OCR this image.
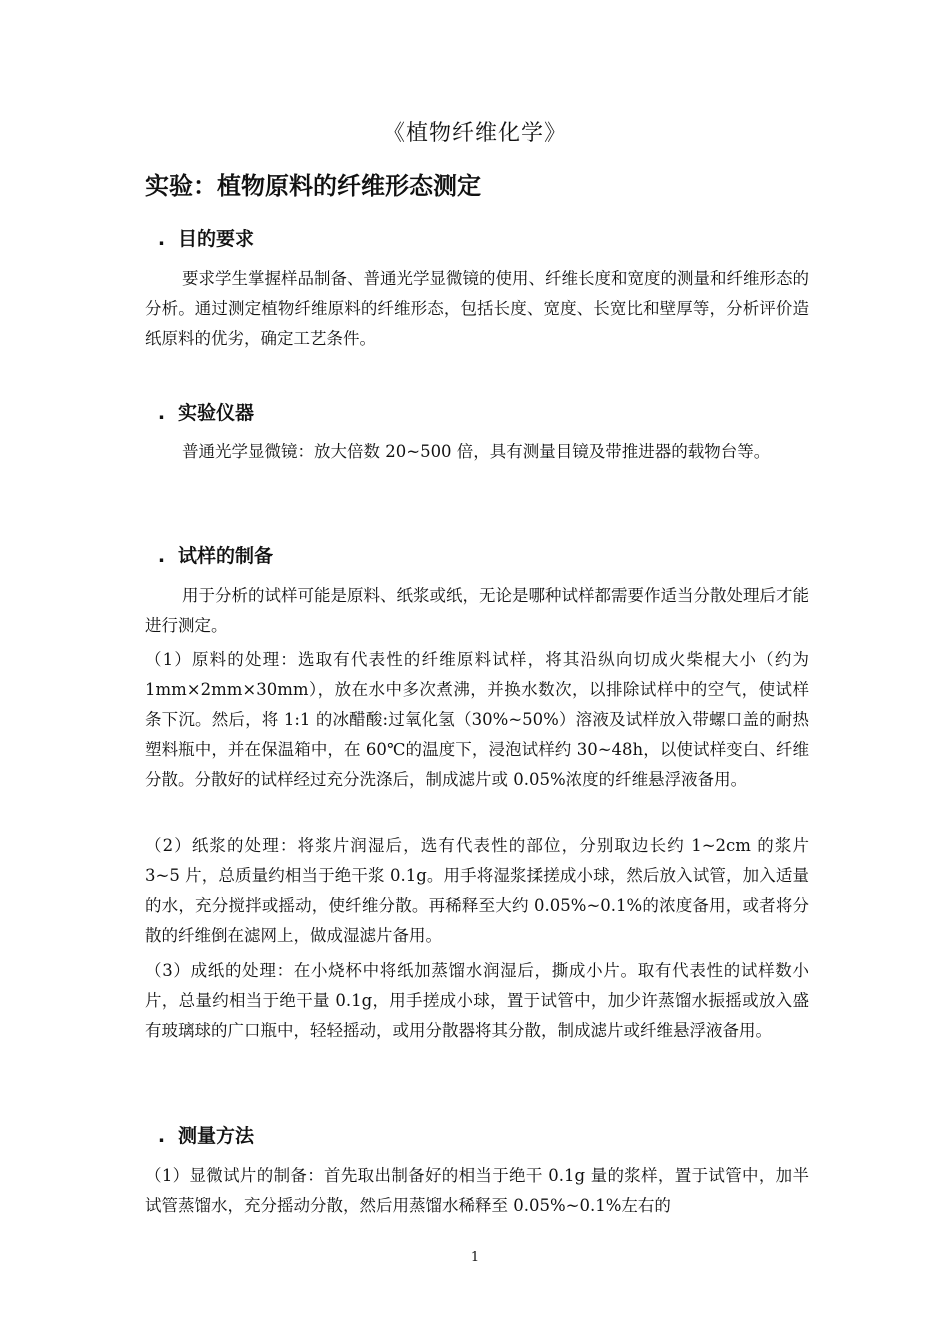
《植物纤维化学》
实验：植物原料的纤维形态测定
. 目的要求

要求学生掌握样品制备、普通光学显微镜的使用、纤维长度和宽度的测量和纤维形态的分析。通过测定植物纤维原料的纤维形态，包括长度、宽度、长宽比和壁厚等，分析评价造纸原料的优劣，确定工艺条件。

. 实验仪器

普通光学显微镜：放大倍数 20~500 倍，具有测量目镜及带推进器的载物台等。

. 试样的制备

用于分析的试样可能是原料、纸浆或纸，无论是哪种试样都需要作适当分散处理后才能进行测定。

（1）原料的处理：选取有代表性的纤维原料试样，将其沿纵向切成火柴棍大小（约为 1mm×2mm×30mm），放在水中多次煮沸，并换水数次，以排除试样中的空气，使试样条下沉。然后，将 1:1 的冰醋酸:过氧化氢（30%~50%）溶液及试样放入带螺口盖的耐热塑料瓶中，并在保温箱中，在 60℃的温度下，浸泡试样约 30~48h，以使试样变白、纤维分散。分散好的试样经过充分洗涤后，制成滤片或 0.05%浓度的纤维悬浮液备用。

（2）纸浆的处理：将浆片润湿后，选有代表性的部位，分别取边长约 1~2cm 的浆片 3~5 片，总质量约相当于绝干浆 0.1g。用手将湿浆揉搓成小球，然后放入试管，加入适量的水，充分搅拌或摇动，使纤维分散。再稀释至大约 0.05%~0.1%的浓度备用，或者将分散的纤维倒在滤网上，做成湿滤片备用。

（3）成纸的处理：在小烧杯中将纸加蒸馏水润湿后，撕成小片。取有代表性的试样数小片，总量约相当于绝干量 0.1g，用手搓成小球，置于试管中，加少许蒸馏水振摇或放入盛有玻璃球的广口瓶中，轻轻摇动，或用分散器将其分散，制成滤片或纤维悬浮液备用。

. 测量方法

（1）显微试片的制备：首先取出制备好的相当于绝干 0.1g 量的浆样，置于试管中，加半试管蒸馏水，充分摇动分散，然后用蒸馏水稀释至 0.05%~0.1%左右的

1
